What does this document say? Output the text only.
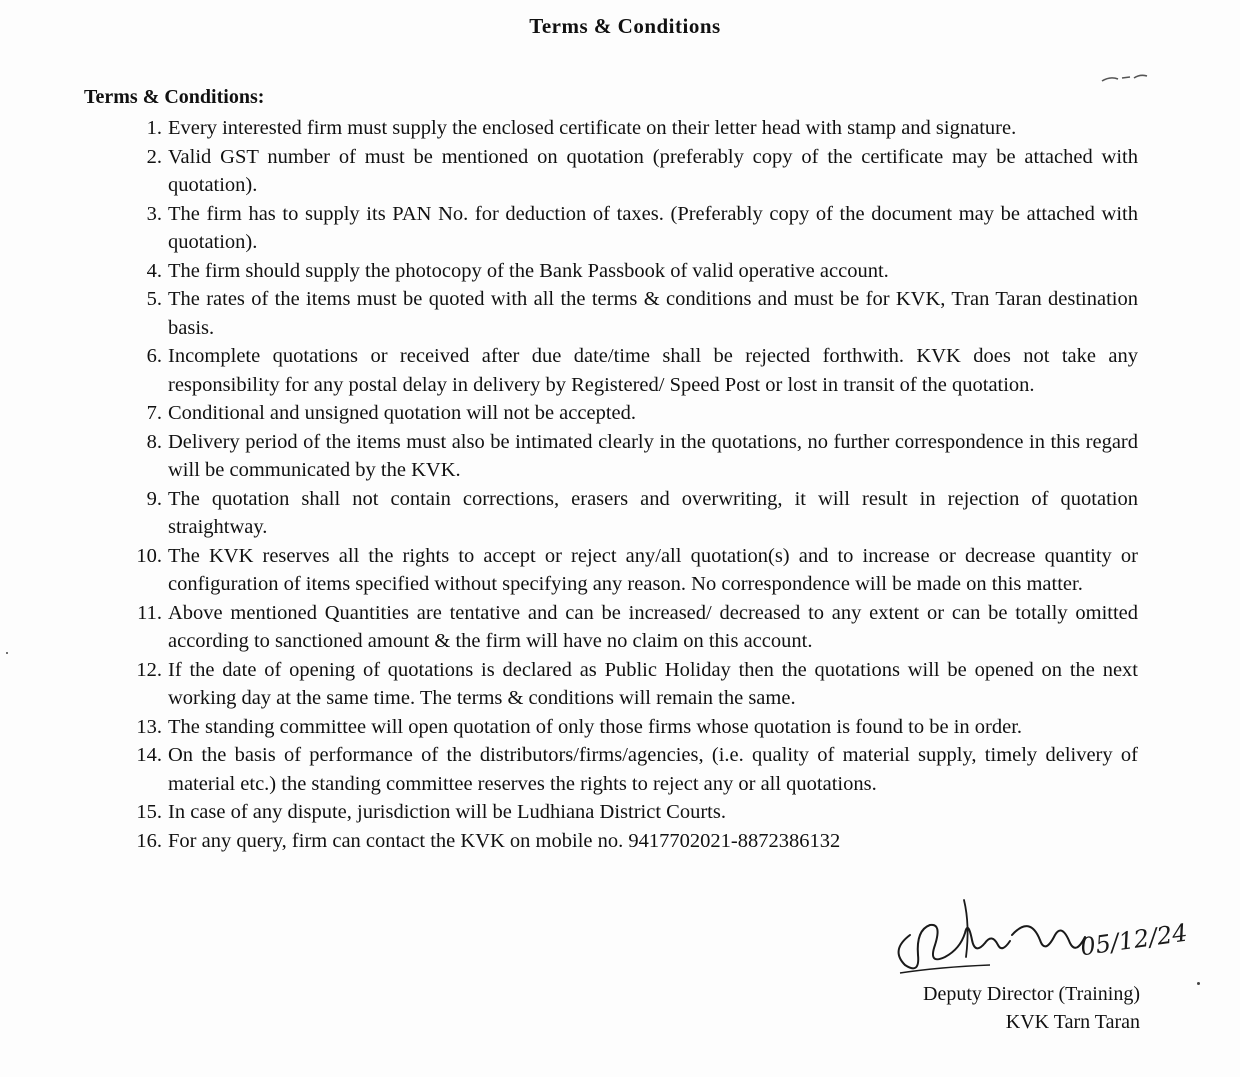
Terms & Conditions
Terms & Conditions:
1. Every interested firm must supply the enclosed certificate on their letter head with stamp and signature.
2. Valid GST number of must be mentioned on quotation (preferably copy of the certificate may be attached with quotation).
3. The firm has to supply its PAN No. for deduction of taxes. (Preferably copy of the document may be attached with quotation).
4. The firm should supply the photocopy of the Bank Passbook of valid operative account.
5. The rates of the items must be quoted with all the terms & conditions and must be for KVK, Tran Taran destination basis.
6. Incomplete quotations or received after due date/time shall be rejected forthwith. KVK does not take any responsibility for any postal delay in delivery by Registered/ Speed Post or lost in transit of the quotation.
7. Conditional and unsigned quotation will not be accepted.
8. Delivery period of the items must also be intimated clearly in the quotations, no further correspondence in this regard will be communicated by the KVK.
9. The quotation shall not contain corrections, erasers and overwriting, it will result in rejection of quotation straightway.
10. The KVK reserves all the rights to accept or reject any/all quotation(s) and to increase or decrease quantity or configuration of items specified without specifying any reason. No correspondence will be made on this matter.
11. Above mentioned Quantities are tentative and can be increased/ decreased to any extent or can be totally omitted according to sanctioned amount & the firm will have no claim on this account.
12. If the date of opening of quotations is declared as Public Holiday then the quotations will be opened on the next working day at the same time. The terms & conditions will remain the same.
13. The standing committee will open quotation of only those firms whose quotation is found to be in order.
14. On the basis of performance of the distributors/firms/agencies, (i.e. quality of material supply, timely delivery of material etc.) the standing committee reserves the rights to reject any or all quotations.
15. In case of any dispute, jurisdiction will be Ludhiana District Courts.
16. For any query, firm can contact the KVK on mobile no. 9417702021-8872386132
05/12/24
Deputy Director (Training)
KVK Tarn Taran
